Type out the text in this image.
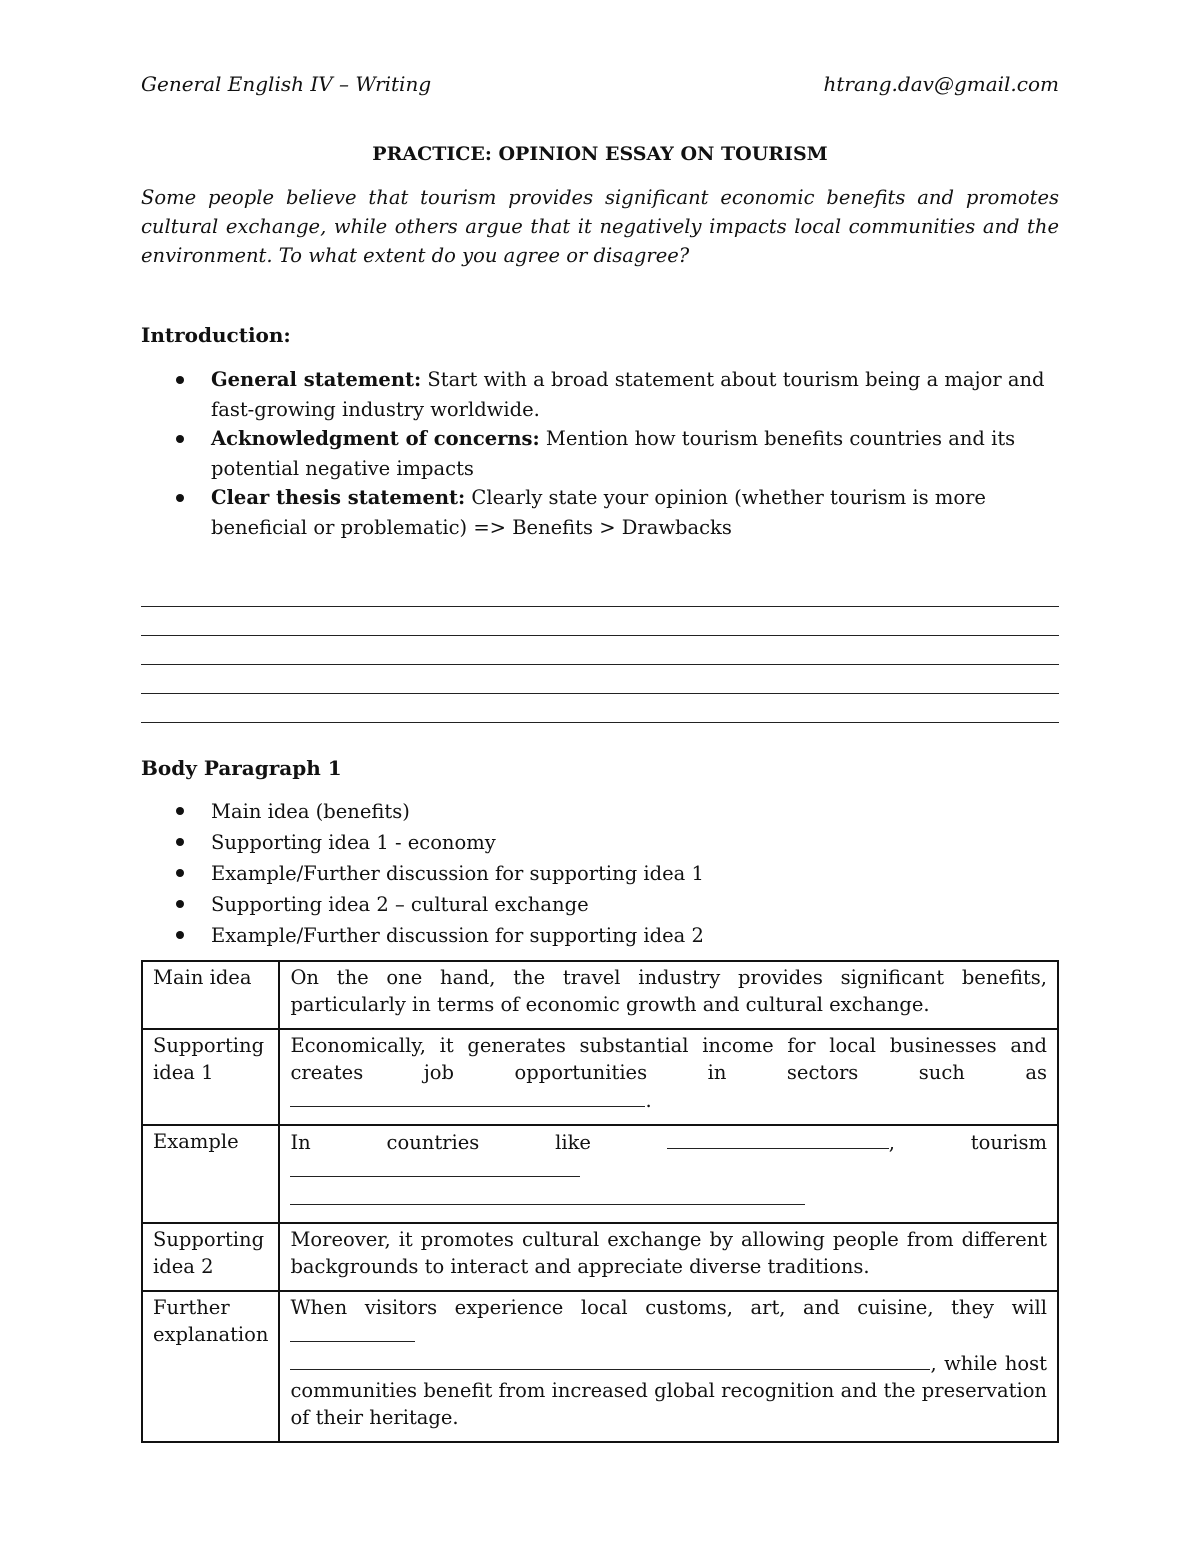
General English IV – Writing	htrang.dav@gmail.com
PRACTICE: OPINION ESSAY ON TOURISM
Some people believe that tourism provides significant economic benefits and promotes cultural exchange, while others argue that it negatively impacts local communities and the environment. To what extent do you agree or disagree?
Introduction:
General statement: Start with a broad statement about tourism being a major and fast-growing industry worldwide.
Acknowledgment of concerns: Mention how tourism benefits countries and its potential negative impacts
Clear thesis statement: Clearly state your opinion (whether tourism is more beneficial or problematic) => Benefits > Drawbacks
Body Paragraph 1
Main idea (benefits)
Supporting idea 1 - economy
Example/Further discussion for supporting idea 1
Supporting idea 2 – cultural exchange
Example/Further discussion for supporting idea 2
Main idea	On the one hand, the travel industry provides significant benefits, particularly in terms of economic growth and cultural exchange.
Supporting idea 1	Economically, it generates substantial income for local businesses and creates job opportunities in sectors such as .
Example	In countries like , tourism

Supporting idea 2	Moreover, it promotes cultural exchange by allowing people from different backgrounds to interact and appreciate diverse traditions.
Further explanation	When visitors experience local customs, art, and cuisine, they will
, while host communities benefit from increased global recognition and the preservation of their heritage.
